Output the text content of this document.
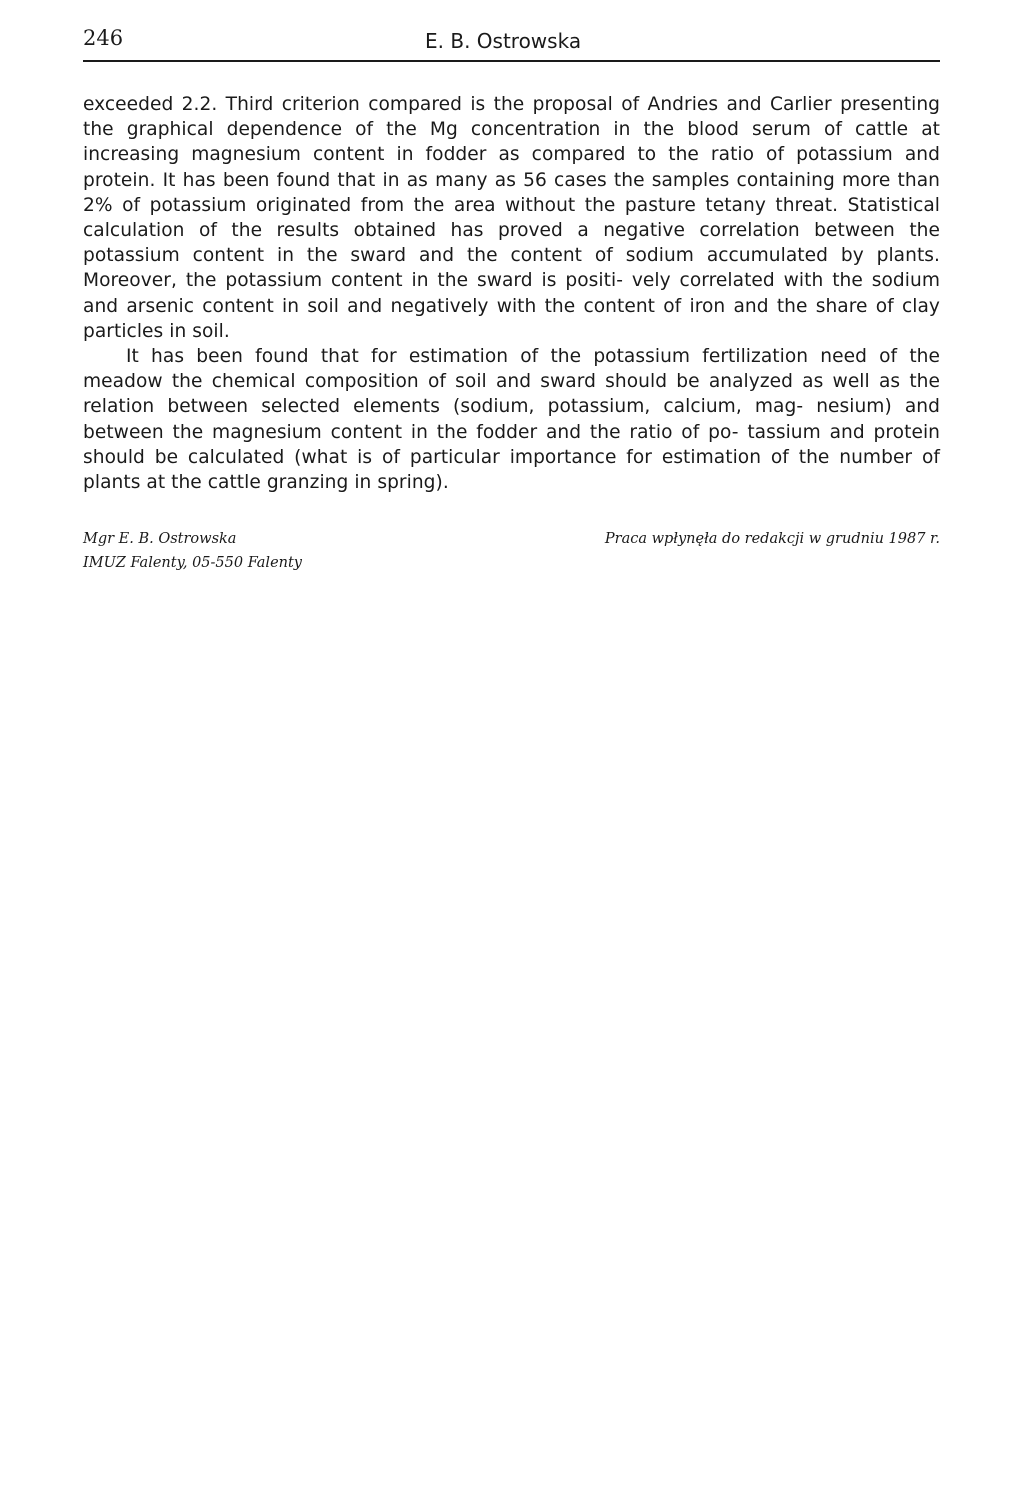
246	E. B. Ostrowska

exceeded 2.2. Third criterion compared is the proposal of Andries and Carlier presenting the graphical dependence of the Mg concentration in the blood serum of cattle at increasing magnesium content in fodder as compared to the ratio of potassium and protein. It has been found that in as many as 56 cases the samples containing more than 2% of potassium originated from the area without the pasture tetany threat. Statistical calculation of the results obtained has proved a negative correlation between the potassium content in the sward and the content of sodium accumulated by plants. Moreover, the potassium content in the sward is positi- vely correlated with the sodium and arsenic content in soil and negatively with the content of iron and the share of clay particles in soil.

It has been found that for estimation of the potassium fertilization need of the meadow the chemical composition of soil and sward should be analyzed as well as the relation between selected elements (sodium, potassium, calcium, mag- nesium) and between the magnesium content in the fodder and the ratio of po- tassium and protein should be calculated (what is of particular importance for estimation of the number of plants at the cattle granzing in spring).

Mgr E. B. Ostrowska
IMUZ Falenty, 05-550 Falenty
Praca wpłynęła do redakcji w grudniu 1987 r.
